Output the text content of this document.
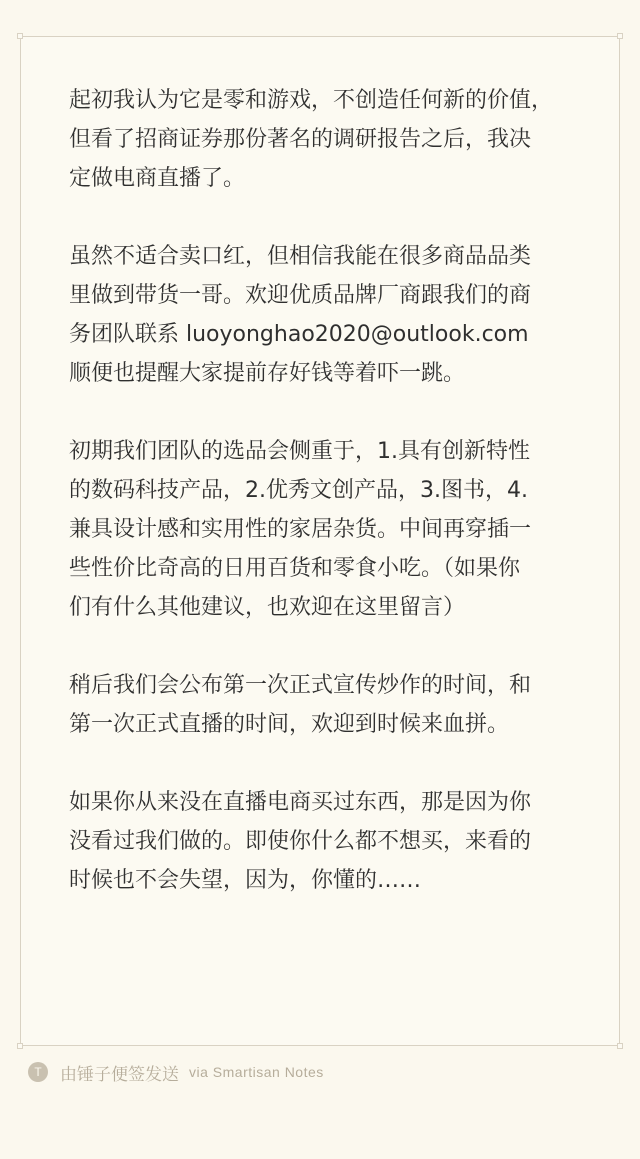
起初我认为它是零和游戏，不创造任何新的价值，
但看了招商证券那份著名的调研报告之后，我决
定做电商直播了。

虽然不适合卖口红，但相信我能在很多商品品类
里做到带货一哥。欢迎优质品牌厂商跟我们的商
务团队联系 luoyonghao2020@outlook.com
顺便也提醒大家提前存好钱等着吓一跳。

初期我们团队的选品会侧重于，1.具有创新特性
的数码科技产品，2.优秀文创产品，3.图书，4.
兼具设计感和实用性的家居杂货。中间再穿插一
些性价比奇高的日用百货和零食小吃。（如果你
们有什么其他建议，也欢迎在这里留言）

稍后我们会公布第一次正式宣传炒作的时间，和
第一次正式直播的时间，欢迎到时候来血拼。

如果你从来没在直播电商买过东西，那是因为你
没看过我们做的。即使你什么都不想买，来看的
时候也不会失望，因为，你懂的……

T	由锤子便签发送 via Smartisan Notes
